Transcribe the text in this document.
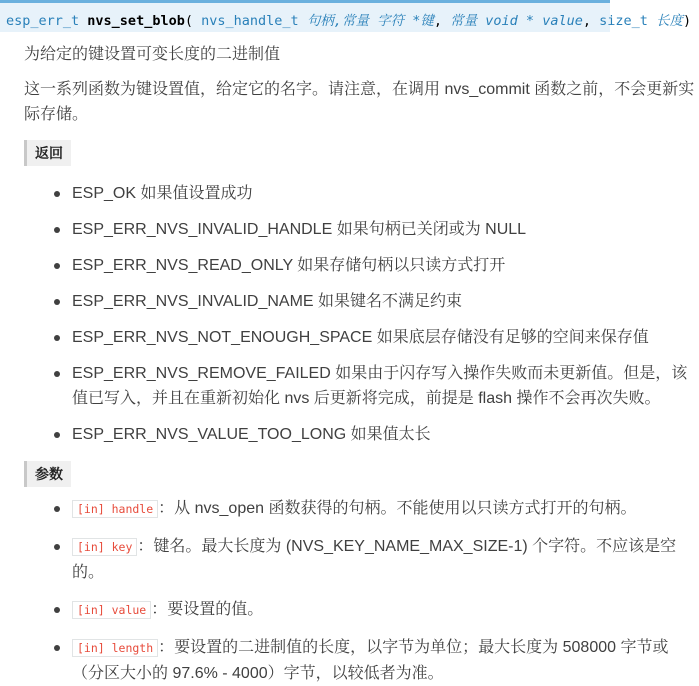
esp_err_t nvs_set_blob( nvs_handle_t 句柄,常量 字符 *键, 常量 void * value, size_t 长度)
为给定的键设置可变长度的二进制值
这一系列函数为键设置值，给定它的名字。请注意，在调用 nvs_commit 函数之前，不会更新实际存储。
返回
ESP_OK 如果值设置成功
ESP_ERR_NVS_INVALID_HANDLE 如果句柄已关闭或为 NULL
ESP_ERR_NVS_READ_ONLY 如果存储句柄以只读方式打开
ESP_ERR_NVS_INVALID_NAME 如果键名不满足约束
ESP_ERR_NVS_NOT_ENOUGH_SPACE 如果底层存储没有足够的空间来保存值
ESP_ERR_NVS_REMOVE_FAILED 如果由于闪存写入操作失败而未更新值。但是，该值已写入，并且在重新初始化 nvs 后更新将完成，前提是 flash 操作不会再次失败。
ESP_ERR_NVS_VALUE_TOO_LONG 如果值太长
参数
[in] handle ：从 nvs_open 函数获得的句柄。不能使用以只读方式打开的句柄。
[in] key ：键名。最大长度为 (NVS_KEY_NAME_MAX_SIZE-1) 个字符。不应该是空的。
[in] value ：要设置的值。
[in] length ：要设置的二进制值的长度，以字节为单位；最大长度为 508000 字节或（分区大小的 97.6% - 4000）字节，以较低者为准。
